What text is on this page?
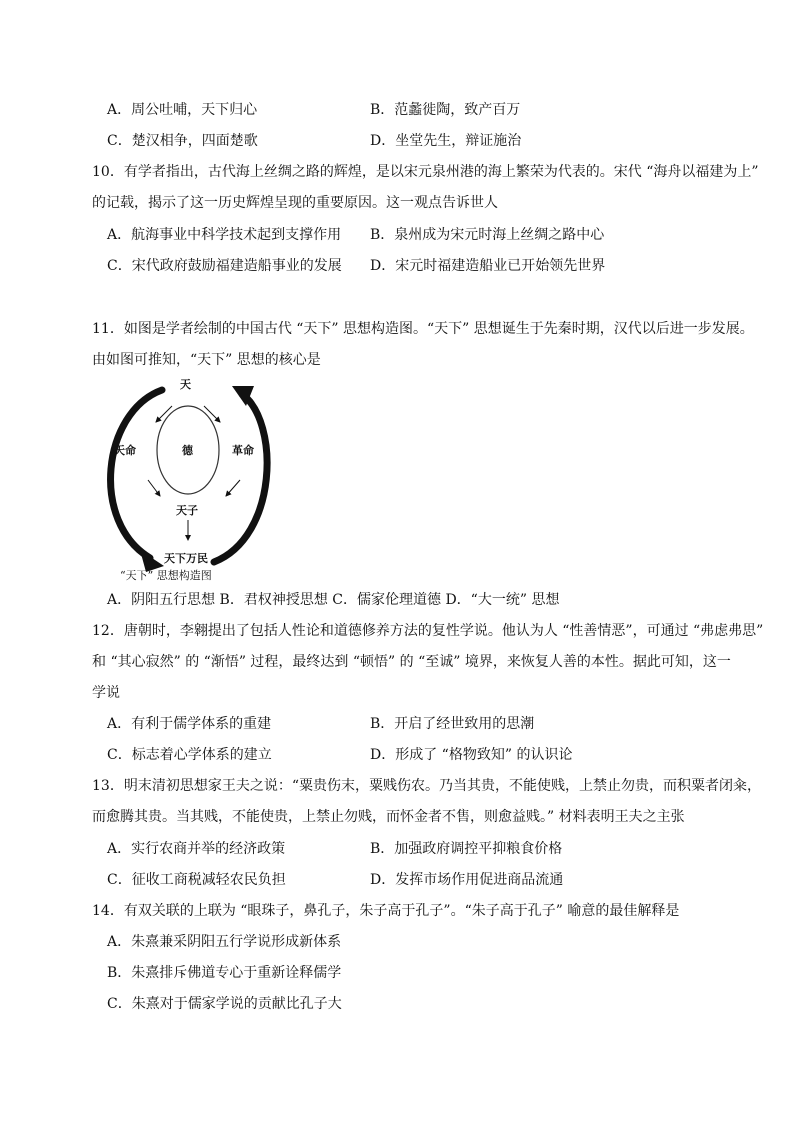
A．周公吐哺，天下归心	B．范蠡徙陶，致产百万
C．楚汉相争，四面楚歌	D．坐堂先生，辩证施治
10．有学者指出，古代海上丝绸之路的辉煌，是以宋元泉州港的海上繁荣为代表的。宋代 “海舟以福建为上”
的记载，揭示了这一历史辉煌呈现的重要原因。这一观点告诉世人
A．航海事业中科学技术起到支撑作用 B．泉州成为宋元时海上丝绸之路中心
C．宋代政府鼓励福建造船事业的发展 D．宋元时福建造船业已开始领先世界
11．如图是学者绘制的中国古代 “天下” 思想构造图。“天下” 思想诞生于先秦时期，汉代以后进一步发展。
由如图可推知，“天下” 思想的核心是
天
天命	德	革命
天子
天下万民
“天下” 思想构造图
A．阴阳五行思想 B．君权神授思想 C．儒家伦理道德 D．“大一统” 思想
12．唐朝时，李翱提出了包括人性论和道德修养方法的复性学说。他认为人 “性善情恶”，可通过 “弗虑弗思”
和 “其心寂然” 的 “渐悟” 过程，最终达到 “顿悟” 的 “至诚” 境界，来恢复人善的本性。据此可知，这一
学说
A．有利于儒学体系的重建	B．开启了经世致用的思潮
C．标志着心学体系的建立	D．形成了 “格物致知” 的认识论
13．明末清初思想家王夫之说：“粟贵伤末，粟贱伤农。乃当其贵，不能使贱，上禁止勿贵，而积粟者闭籴，
而愈腾其贵。当其贱，不能使贵，上禁止勿贱，而怀金者不售，则愈益贱。” 材料表明王夫之主张
A．实行农商并举的经济政策	B．加强政府调控平抑粮食价格
C．征收工商税减轻农民负担	D．发挥市场作用促进商品流通
14．有双关联的上联为 “眼珠子，鼻孔子，朱子高于孔子”。“朱子高于孔子” 喻意的最佳解释是
A．朱熹兼采阴阳五行学说形成新体系
B．朱熹排斥佛道专心于重新诠释儒学
C．朱熹对于儒家学说的贡献比孔子大
